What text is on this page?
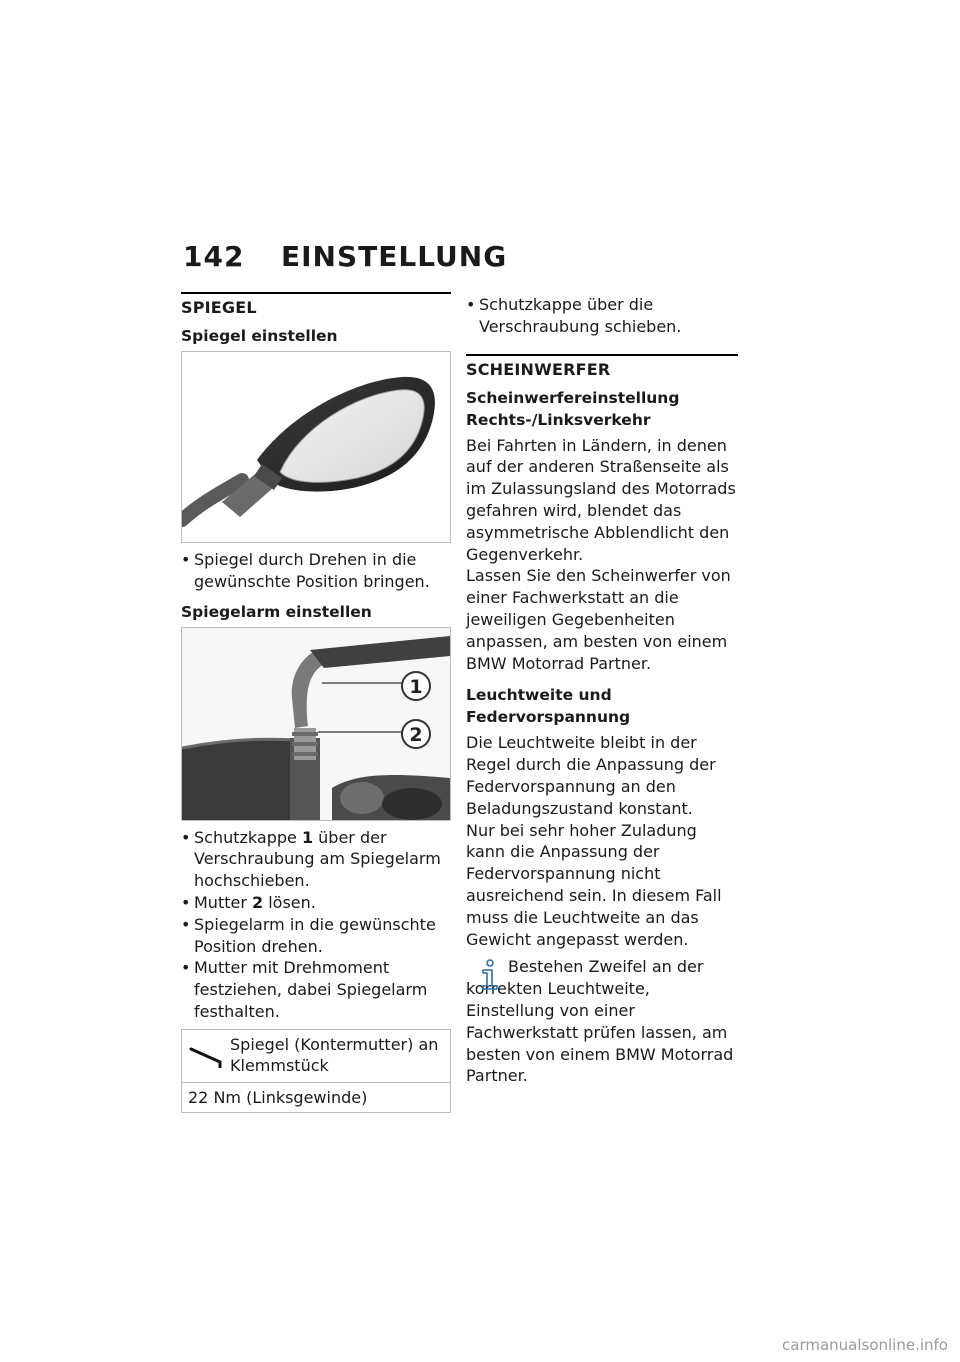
142 EINSTELLUNG
SPIEGEL
Spiegel einstellen
• Spiegel durch Drehen in die gewünschte Position bringen.
Spiegelarm einstellen
1
2
• Schutzkappe 1 über der Verschraubung am Spiegelarm hochschieben.
• Mutter 2 lösen.
• Spiegelarm in die gewünschte Position drehen.
• Mutter mit Drehmoment festziehen, dabei Spiegelarm festhalten.
Spiegel (Kontermutter) an Klemmstück
22 Nm (Linksgewinde)
• Schutzkappe über die Verschraubung schieben.
SCHEINWERFER
Scheinwerfereinstellung Rechts-/Linksverkehr

Bei Fahrten in Ländern, in denen auf der anderen Straßenseite als im Zulassungsland des Motorrads gefahren wird, blendet das asymmetrische Abblendlicht den Gegenverkehr.

Lassen Sie den Scheinwerfer von einer Fachwerkstatt an die jeweiligen Gegebenheiten anpassen, am besten von einem BMW Motorrad Partner.

Leuchtweite und Federvorspannung

Die Leuchtweite bleibt in der Regel durch die Anpassung der Federvorspannung an den Beladungszustand konstant.

Nur bei sehr hoher Zuladung kann die Anpassung der Federvorspannung nicht ausreichend sein. In diesem Fall muss die Leuchtweite an das Gewicht angepasst werden.

Bestehen Zweifel an der korrekten Leuchtweite, Einstellung von einer Fachwerkstatt prüfen lassen, am besten von einem BMW Motorrad Partner.

carmanualsonline.info
